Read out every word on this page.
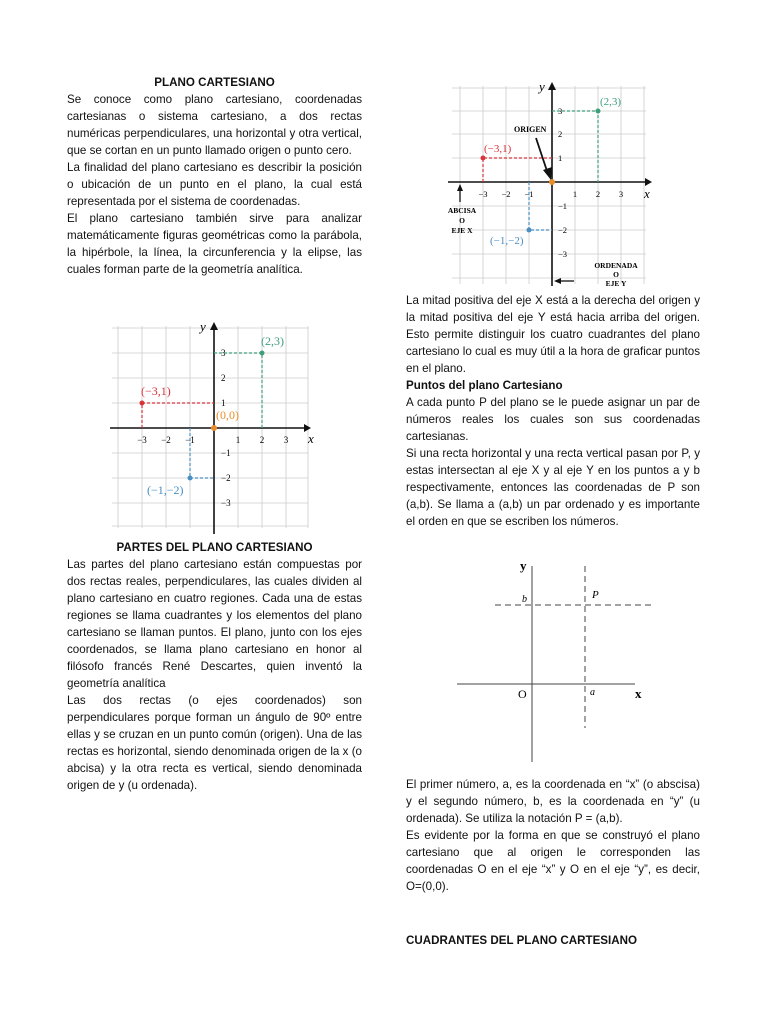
PLANO CARTESIANO

Se conoce como plano cartesiano, coordenadas cartesianas o sistema cartesiano, a dos rectas numéricas perpendiculares, una horizontal y otra vertical, que se cortan en un punto llamado origen o punto cero.

La finalidad del plano cartesiano es describir la posición o ubicación de un punto en el plano, la cual está representada por el sistema de coordenadas.

El plano cartesiano también sirve para analizar matemáticamente figuras geométricas como la parábola, la hipérbole, la línea, la circunferencia y la elipse, las cuales forman parte de la geometría analítica.

PARTES DEL PLANO CARTESIANO

Las partes del plano cartesiano están compuestas por dos rectas reales, perpendiculares, las cuales dividen al plano cartesiano en cuatro regiones. Cada una de estas regiones se llama cuadrantes y los elementos del plano cartesiano se llaman puntos. El plano, junto con los ejes coordenados, se llama plano cartesiano en honor al filósofo francés René Descartes, quien inventó la geometría analítica

Las dos rectas (o ejes coordenados) son perpendiculares porque forman un ángulo de 90º entre ellas y se cruzan en un punto común (origen). Una de las rectas es horizontal, siendo denominada origen de la x (o abcisa) y la otra recta es vertical, siendo denominada origen de y (u ordenada).

La mitad positiva del eje X está a la derecha del origen y la mitad positiva del eje Y está hacia arriba del origen. Esto permite distinguir los cuatro cuadrantes del plano cartesiano lo cual es muy útil a la hora de graficar puntos en el plano.

Puntos del plano Cartesiano

A cada punto P del plano se le puede asignar un par de números reales los cuales son sus coordenadas cartesianas.

Si una recta horizontal y una recta vertical pasan por P, y estas intersectan al eje X y al eje Y en los puntos a y b respectivamente, entonces las coordenadas de P son (a,b). Se llama a (a,b) un par ordenado y es importante el orden en que se escriben los números.

El primer número, a, es la coordenada en “x” (o abscisa) y el segundo número, b, es la coordenada en “y” (u ordenada). Se utiliza la notación P = (a,b).

Es evidente por la forma en que se construyó el plano cartesiano que al origen le corresponden las coordenadas O en el eje “x” y O en el eje “y”, es decir, O=(0,0).

CUADRANTES DEL PLANO CARTESIANO
y
x
−3 −2 −1	1 2 3
3
2
1
−1
−2
−3
(2,3)
(−3,1)
(−1,−2)
ORIGEN
ABCISA
O
EJE X
ORDENADA
O
EJE Y
y
x
−3 −2 −1	1 2 3
3
2
1
−1
−2
−3
(2,3)
(−3,1)
(−1,−2)
(0,0)
y
x
O	a
b	P
